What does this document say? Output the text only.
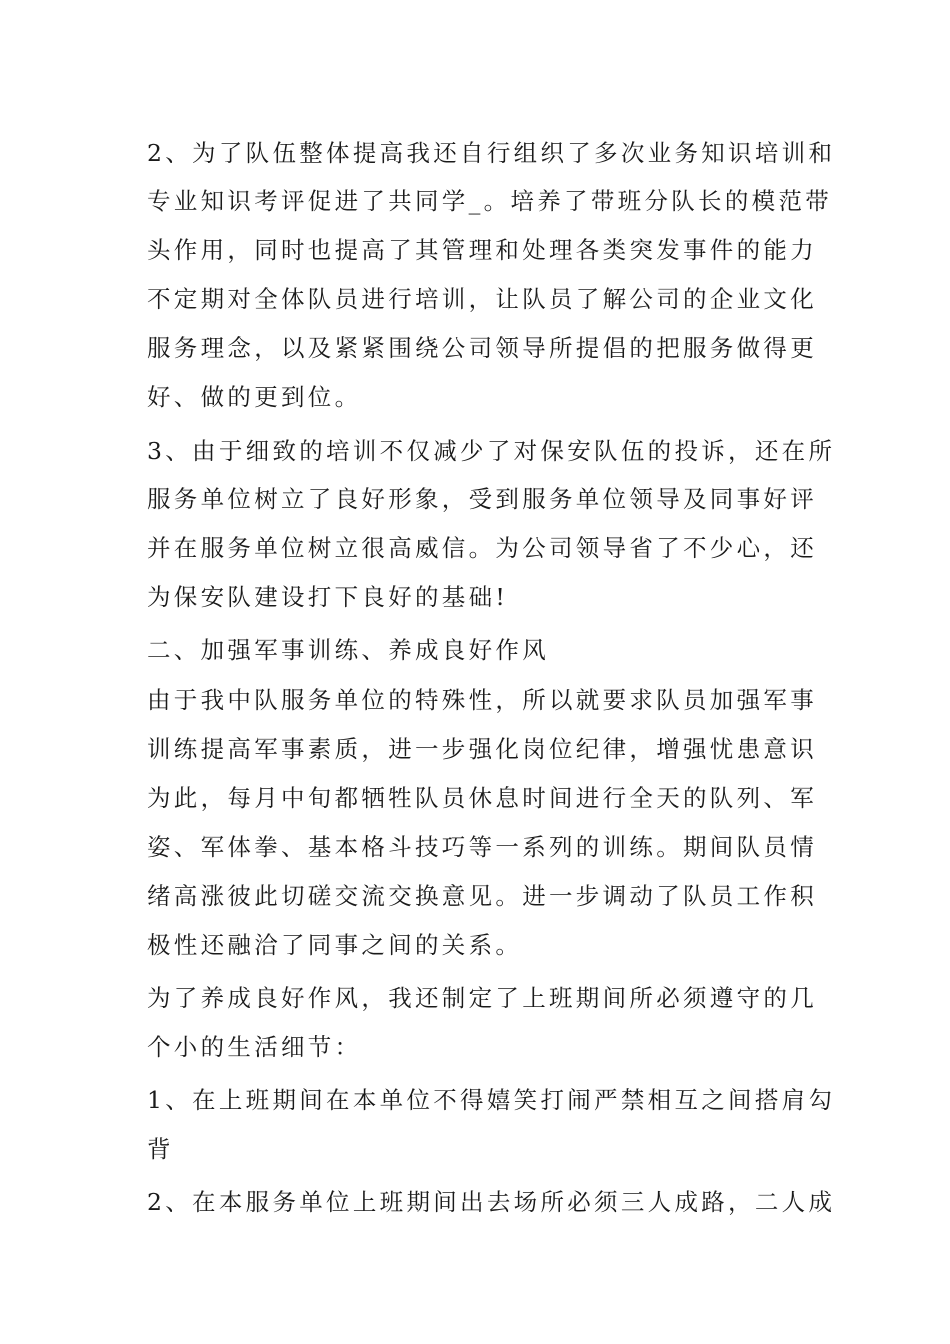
2、为了队伍整体提高我还自行组织了多次业务知识培训和
专业知识考评促进了共同学_。培养了带班分队长的模范带
头作用，同时也提高了其管理和处理各类突发事件的能力
不定期对全体队员进行培训，让队员了解公司的企业文化
服务理念，以及紧紧围绕公司领导所提倡的把服务做得更
好、做的更到位。
3、由于细致的培训不仅减少了对保安队伍的投诉，还在所
服务单位树立了良好形象，受到服务单位领导及同事好评
并在服务单位树立很高威信。为公司领导省了不少心，还
为保安队建设打下良好的基础!
二、加强军事训练、养成良好作风
由于我中队服务单位的特殊性，所以就要求队员加强军事
训练提高军事素质，进一步强化岗位纪律，增强忧患意识
为此，每月中旬都牺牲队员休息时间进行全天的队列、军
姿、军体拳、基本格斗技巧等一系列的训练。期间队员情
绪高涨彼此切磋交流交换意见。进一步调动了队员工作积
极性还融洽了同事之间的关系。
为了养成良好作风，我还制定了上班期间所必须遵守的几
个小的生活细节：
1、在上班期间在本单位不得嬉笑打闹严禁相互之间搭肩勾
背
2、在本服务单位上班期间出去场所必须三人成路，二人成
